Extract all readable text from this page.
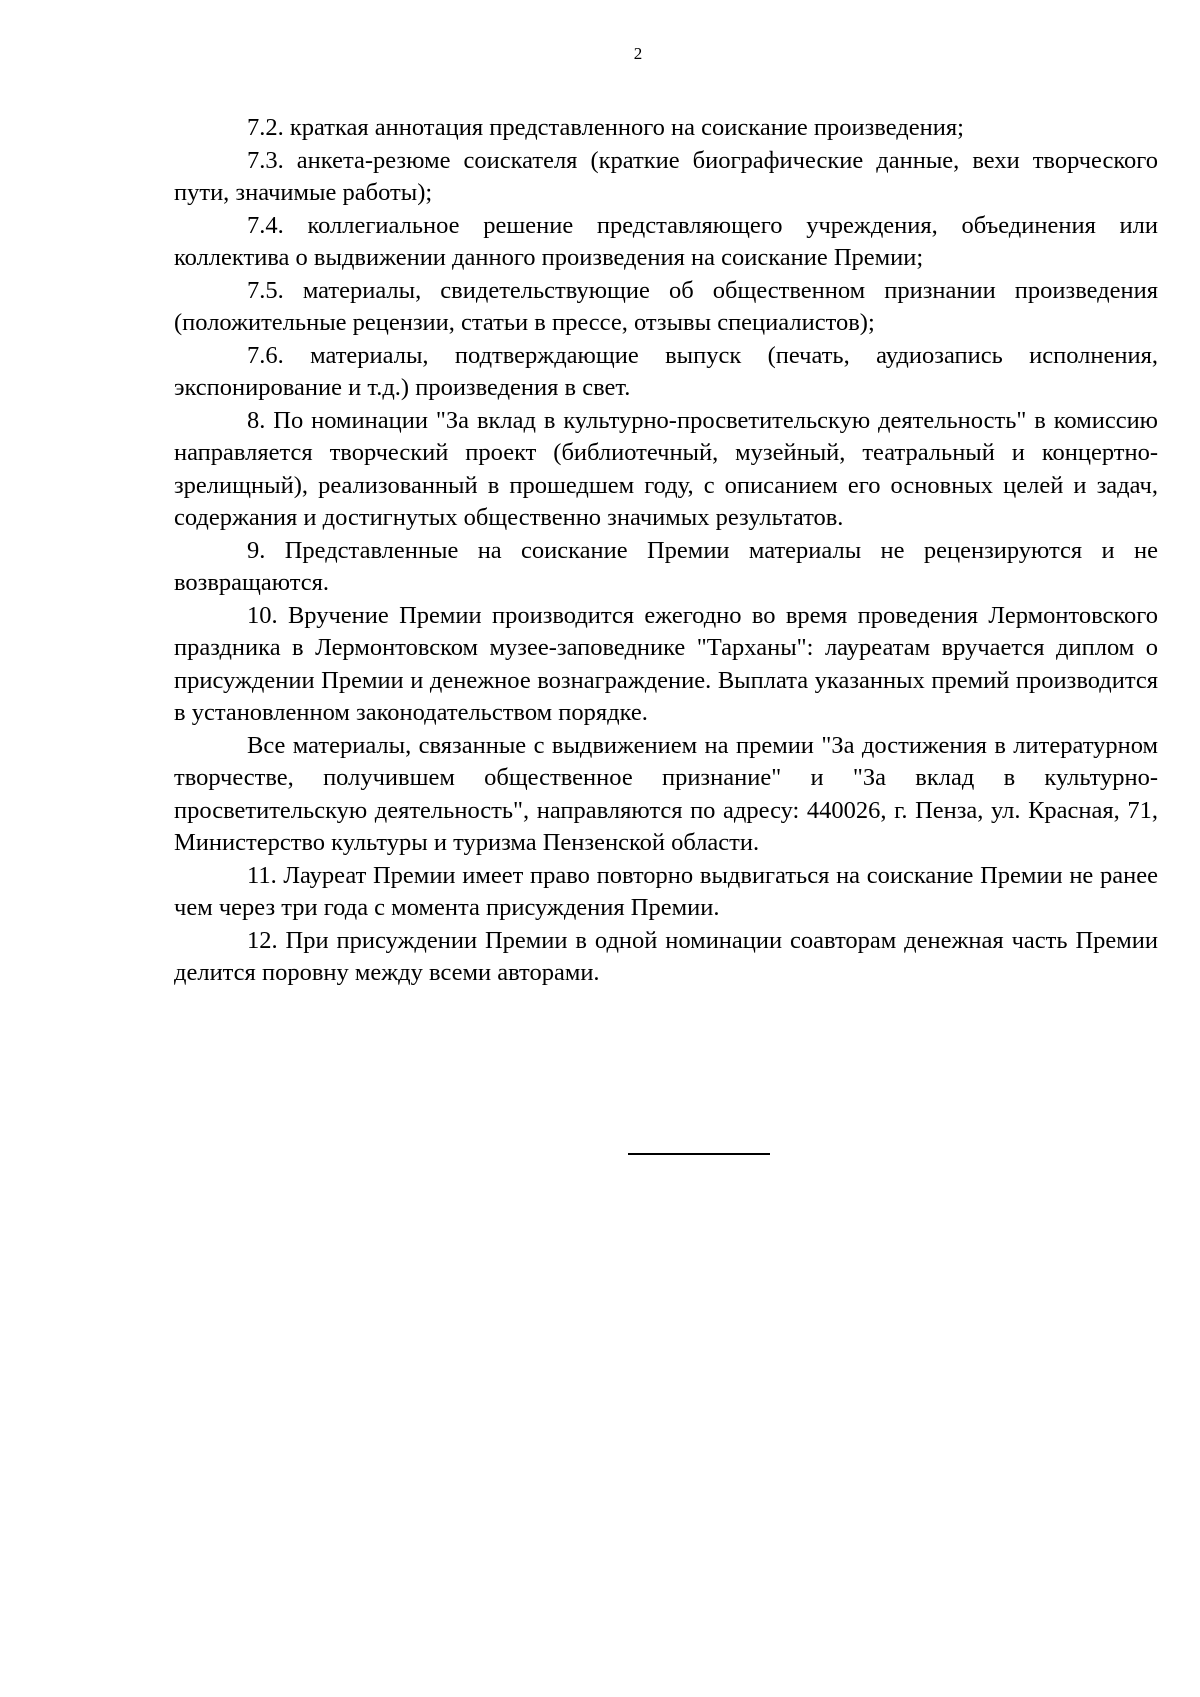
2

7.2. краткая аннотация представленного на соискание произведения;

7.3. анкета-резюме соискателя (краткие биографические данные, вехи творческого пути, значимые работы);

7.4. коллегиальное решение представляющего учреждения, объединения или коллектива о выдвижении данного произведения на соискание Премии;

7.5. материалы, свидетельствующие об общественном признании произведения (положительные рецензии, статьи в прессе, отзывы специалистов);

7.6. материалы, подтверждающие выпуск (печать, аудиозапись исполнения, экспонирование и т.д.) произведения в свет.

8. По номинации "За вклад в культурно-просветительскую деятельность" в комиссию направляется творческий проект (библиотечный, музейный, театральный и концертно-зрелищный), реализованный в прошедшем году, с описанием его основных целей и задач, содержания и достигнутых общественно значимых результатов.

9. Представленные на соискание Премии материалы не рецензируются и не возвращаются.

10. Вручение Премии производится ежегодно во время проведения Лермонтовского праздника в Лермонтовском музее-заповеднике "Тарханы": лауреатам вручается диплом о присуждении Премии и денежное вознаграждение. Выплата указанных премий производится в установленном законодательством порядке.

Все материалы, связанные с выдвижением на премии "За достижения в литературном творчестве, получившем общественное признание" и "За вклад в культурно-просветительскую деятельность", направляются по адресу: 440026, г. Пенза, ул. Красная, 71, Министерство культуры и туризма Пензенской области.

11. Лауреат Премии имеет право повторно выдвигаться на соискание Премии не ранее чем через три года с момента присуждения Премии.

12. При присуждении Премии в одной номинации соавторам денежная часть Премии делится поровну между всеми авторами.
